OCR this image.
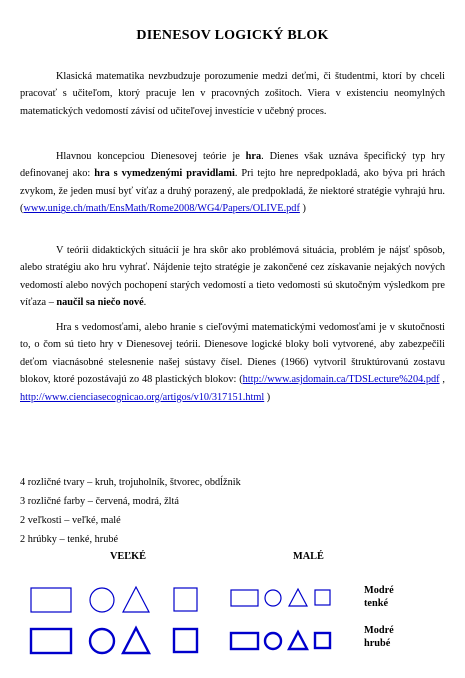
DIENESOV LOGICKÝ BLOK

Klasická matematika nevzbudzuje porozumenie medzi deťmi, či študentmi, ktorí by chceli pracovať s učiteľom, ktorý pracuje len v pracovných zošitoch. Viera v existenciu neomylných matematických vedomostí závisí od učiteľovej investície v učebný proces.

Hlavnou koncepciou Dienesovej teórie je hra. Dienes však uznáva špecifický typ hry definovanej ako: hra s vymedzenými pravidlami. Pri tejto hre nepredpokladá, ako býva pri hrách zvykom, že jeden musí byť víťaz a druhý porazený, ale predpokladá, že niektoré stratégie vyhrajú hru. (www.unige.ch/math/EnsMath/Rome2008/WG4/Papers/OLIVE.pdf )

V teórii didaktických situácií je hra skôr ako problémová situácia, problém je nájsť spôsob, alebo stratégiu ako hru vyhrať. Nájdenie tejto stratégie je zakončené cez získavanie nejakých nových vedomostí alebo nových pochopení starých vedomostí a tieto vedomosti sú skutočným výsledkom pre víťaza – naučil sa niečo nové.

Hra s vedomosťami, alebo hranie s cieľovými matematickými vedomosťami je v skutočnosti to, o čom sú tieto hry v Dienesovej teórii. Dienesove logické bloky boli vytvorené, aby zabezpečili deťom viacnásobné stelesnenie našej sústavy čísel. Dienes (1966) vytvoril štruktúrovanú zostavu blokov, ktoré pozostávajú zo 48 plastických blokov: (http://www.asjdomain.ca/TDSLecture%204.pdf , http://www.cienciasecognicao.org/artigos/v10/317151.html )

4 rozličné tvary – kruh, trojuholník, štvorec, obdĺžnik
3 rozličné farby – červená, modrá, žltá
2 veľkosti – veľké, malé
2 hrúbky – tenké, hrubé
VEĽKÉ	MALÉ
Modré
tenké
Modré
hrubé
